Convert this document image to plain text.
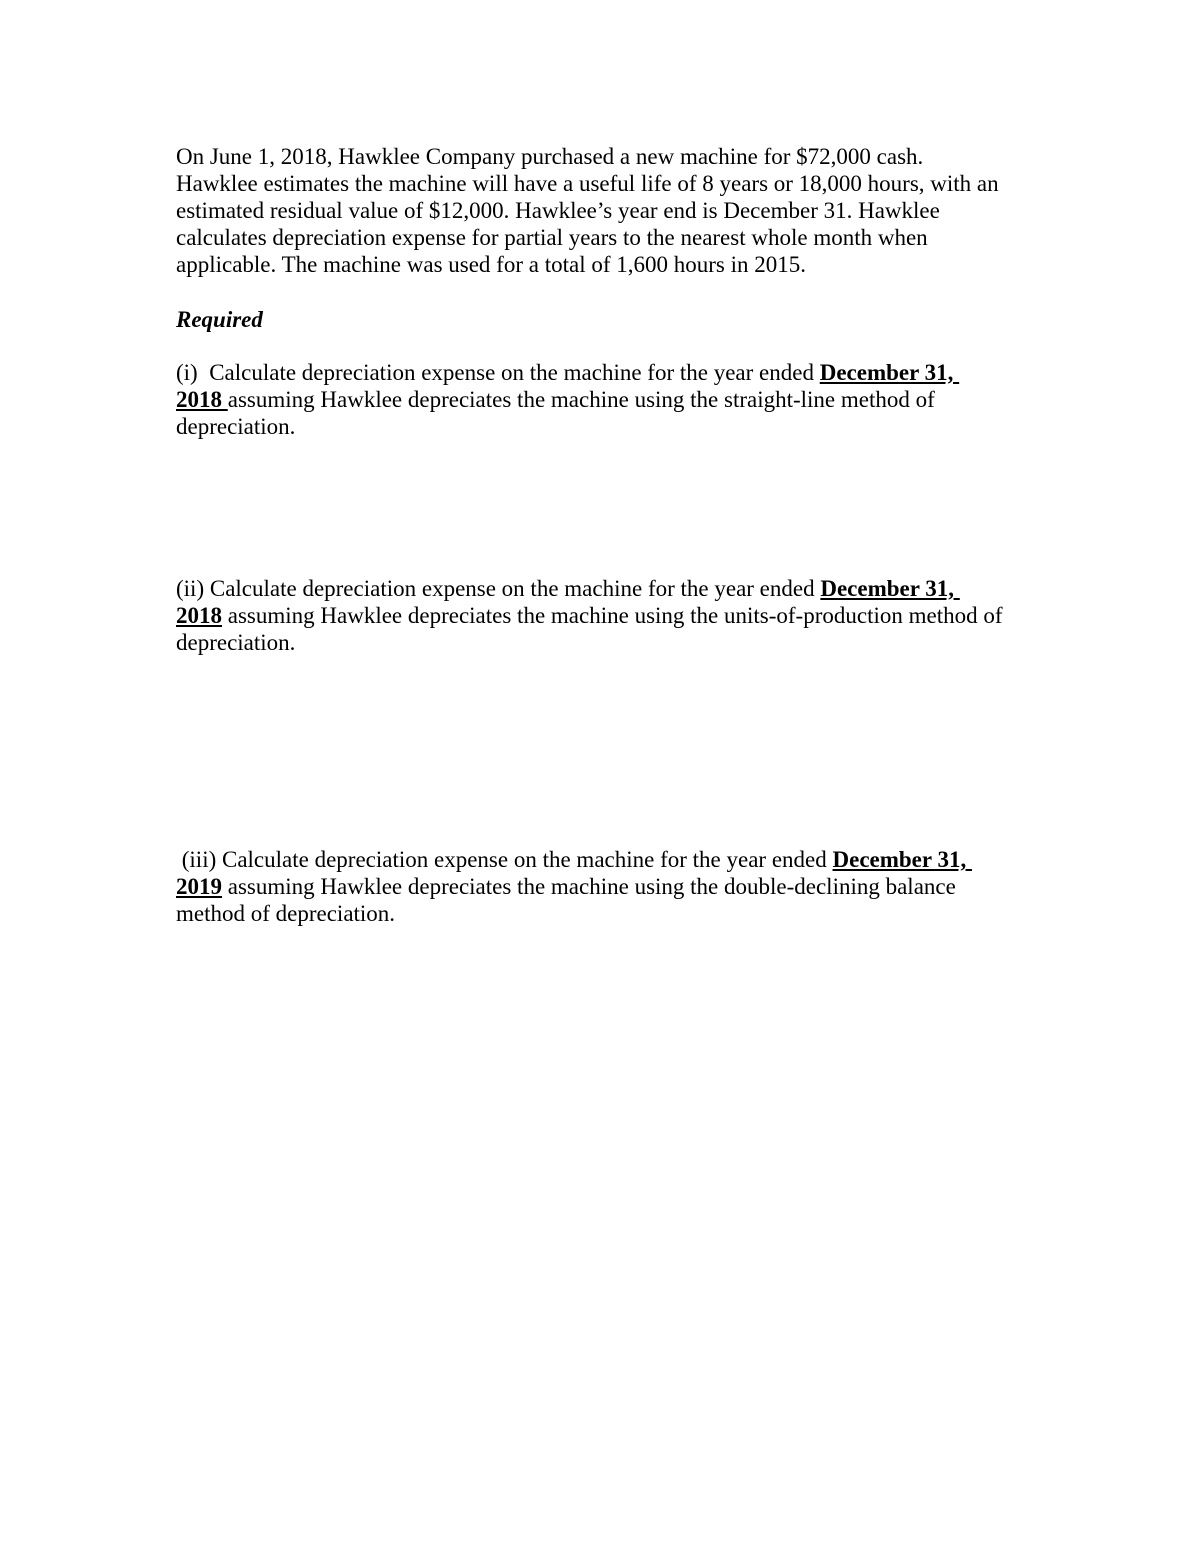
On June 1, 2018, Hawklee Company purchased a new machine for $72,000 cash.
Hawklee estimates the machine will have a useful life of 8 years or 18,000 hours, with an
estimated residual value of $12,000. Hawklee’s year end is December 31. Hawklee
calculates depreciation expense for partial years to the nearest whole month when
applicable. The machine was used for a total of 1,600 hours in 2015.

Required

(i)  Calculate depreciation expense on the machine for the year ended December 31,
2018 assuming Hawklee depreciates the machine using the straight-line method of
depreciation.

(ii) Calculate depreciation expense on the machine for the year ended December 31,
2018 assuming Hawklee depreciates the machine using the units-of-production method of
depreciation.

(iii) Calculate depreciation expense on the machine for the year ended December 31,
2019 assuming Hawklee depreciates the machine using the double-declining balance
method of depreciation.
